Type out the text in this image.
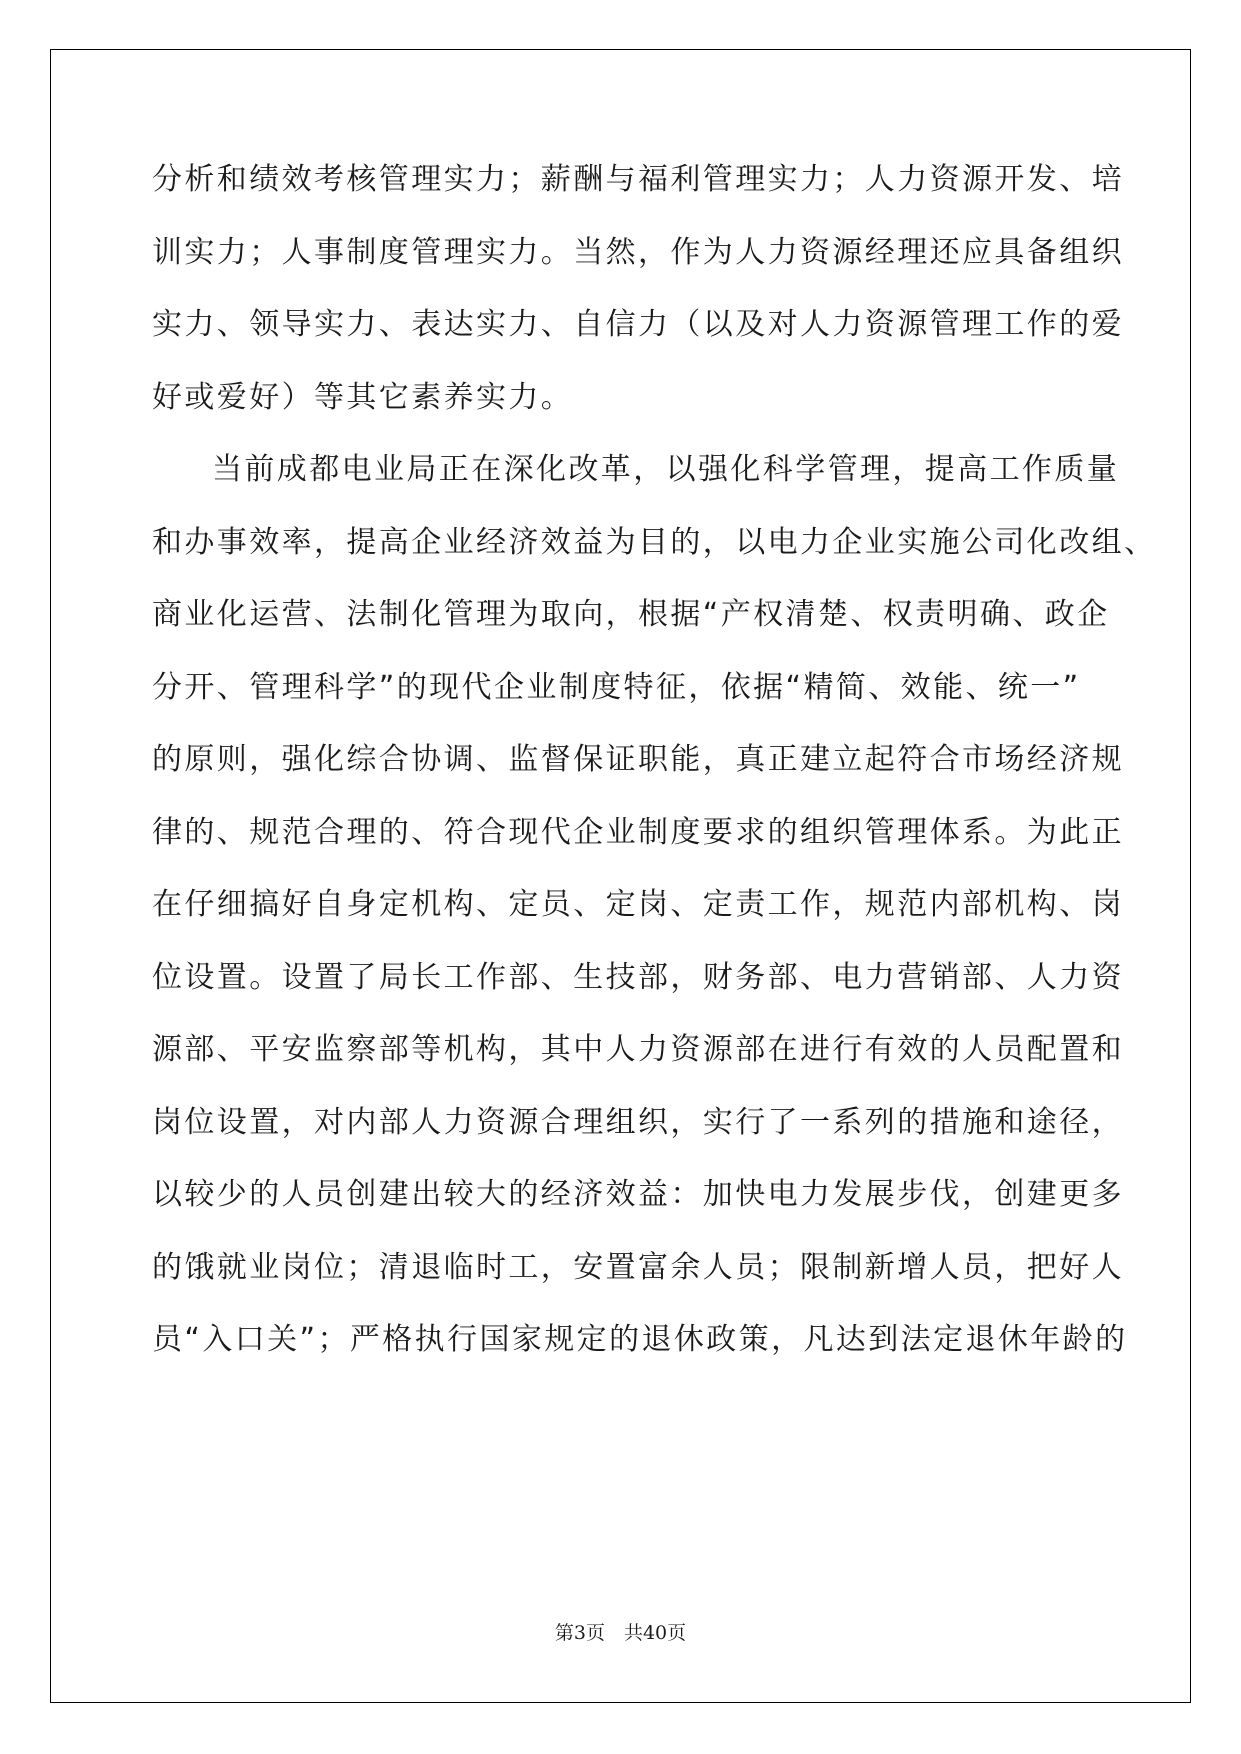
分析和绩效考核管理实力；薪酬与福利管理实力；人力资源开发、培
训实力；人事制度管理实力。当然，作为人力资源经理还应具备组织
实力、领导实力、表达实力、自信力（以及对人力资源管理工作的爱
好或爱好）等其它素养实力。
当前成都电业局正在深化改革，以强化科学管理，提高工作质量
和办事效率，提高企业经济效益为目的，以电力企业实施公司化改组、
商业化运营、法制化管理为取向，根据“产权清楚、权责明确、政企
分开、管理科学”的现代企业制度特征，依据“精简、效能、统一”
的原则，强化综合协调、监督保证职能，真正建立起符合市场经济规
律的、规范合理的、符合现代企业制度要求的组织管理体系。为此正
在仔细搞好自身定机构、定员、定岗、定责工作，规范内部机构、岗
位设置。设置了局长工作部、生技部，财务部、电力营销部、人力资
源部、平安监察部等机构，其中人力资源部在进行有效的人员配置和
岗位设置，对内部人力资源合理组织，实行了一系列的措施和途径，
以较少的人员创建出较大的经济效益：加快电力发展步伐，创建更多
的饿就业岗位；清退临时工，安置富余人员；限制新增人员，把好人
员“入口关”；严格执行国家规定的退休政策，凡达到法定退休年龄的
第3页　共40页
